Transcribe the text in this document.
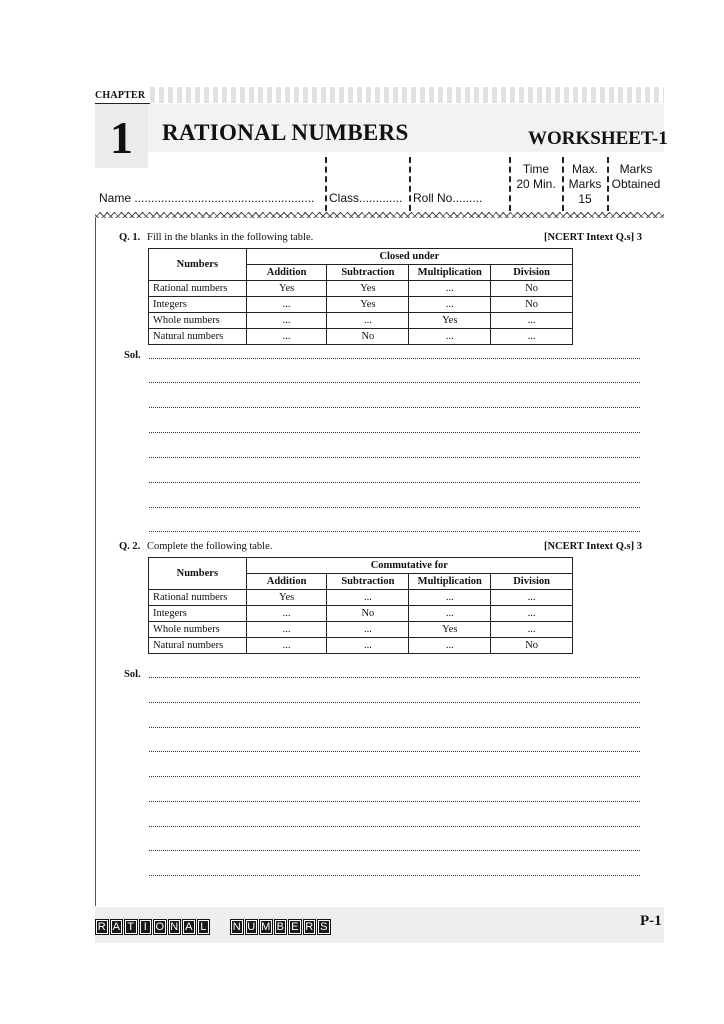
CHAPTER
1	RATIONAL NUMBERS	WORKSHEET-1
Name ...................................................... Class............. Roll No.........
Time
20 Min.
Max.
Marks
15
Marks
Obtained
Q. 1. Fill in the blanks in the following table.	[NCERT Intext Q.s] 3
Numbers	Closed under			
	Addition	Subtraction	Multiplication	Division
Rational numbers	Yes	Yes	...	No
Integers	...	Yes	...	No
Whole numbers	...	...	Yes	...
Natural numbers	...	No	...	...
Sol.
Q. 2. Complete the following table.	[NCERT Intext Q.s] 3
Numbers	Commutative for			
	Addition	Subtraction	Multiplication	Division
Rational numbers	Yes	...	...	...
Integers	...	No	...	...
Whole numbers	...	...	Yes	...
Natural numbers	...	...	...	No
Sol.
R A T I O N A L	N U M B E R S	P-1
